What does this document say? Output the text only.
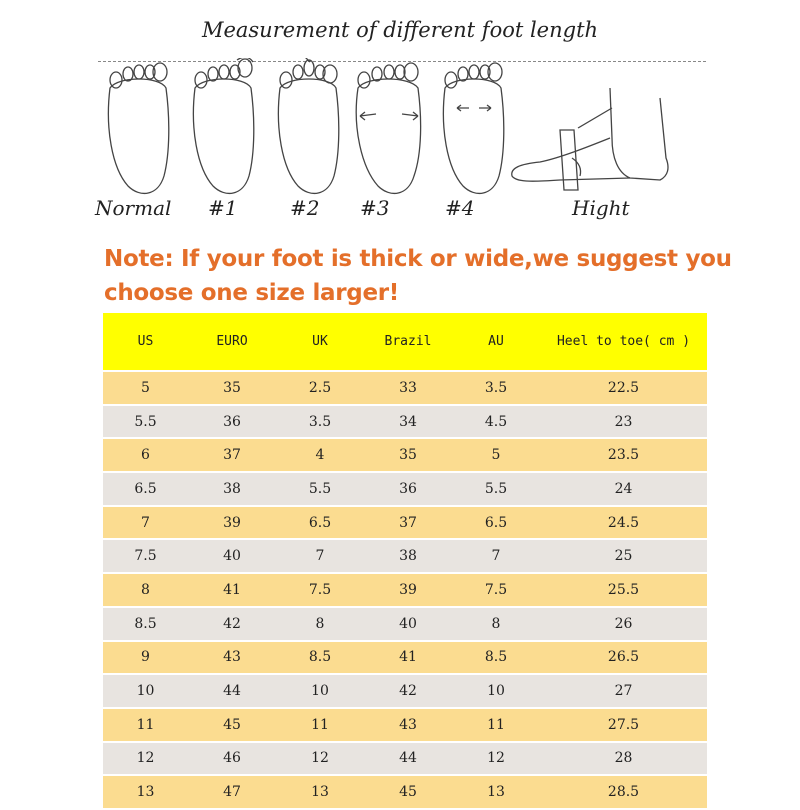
Measurement of different foot length
Normal #1	#2 #3	#4	Hight
Note: If your foot is thick or wide,we suggest you choose one size larger!
US	EURO	UK	Brazil	AU	Heel to toe( cm )
5	35	2.5	33	3.5	22.5
5.5	36	3.5	34	4.5	23
6	37	4	35	5	23.5
6.5	38	5.5	36	5.5	24
7	39	6.5	37	6.5	24.5
7.5	40	7	38	7	25
8	41	7.5	39	7.5	25.5
8.5	42	8	40	8	26
9	43	8.5	41	8.5	26.5
10	44	10	42	10	27
11	45	11	43	11	27.5
12	46	12	44	12	28
13	47	13	45	13	28.5
